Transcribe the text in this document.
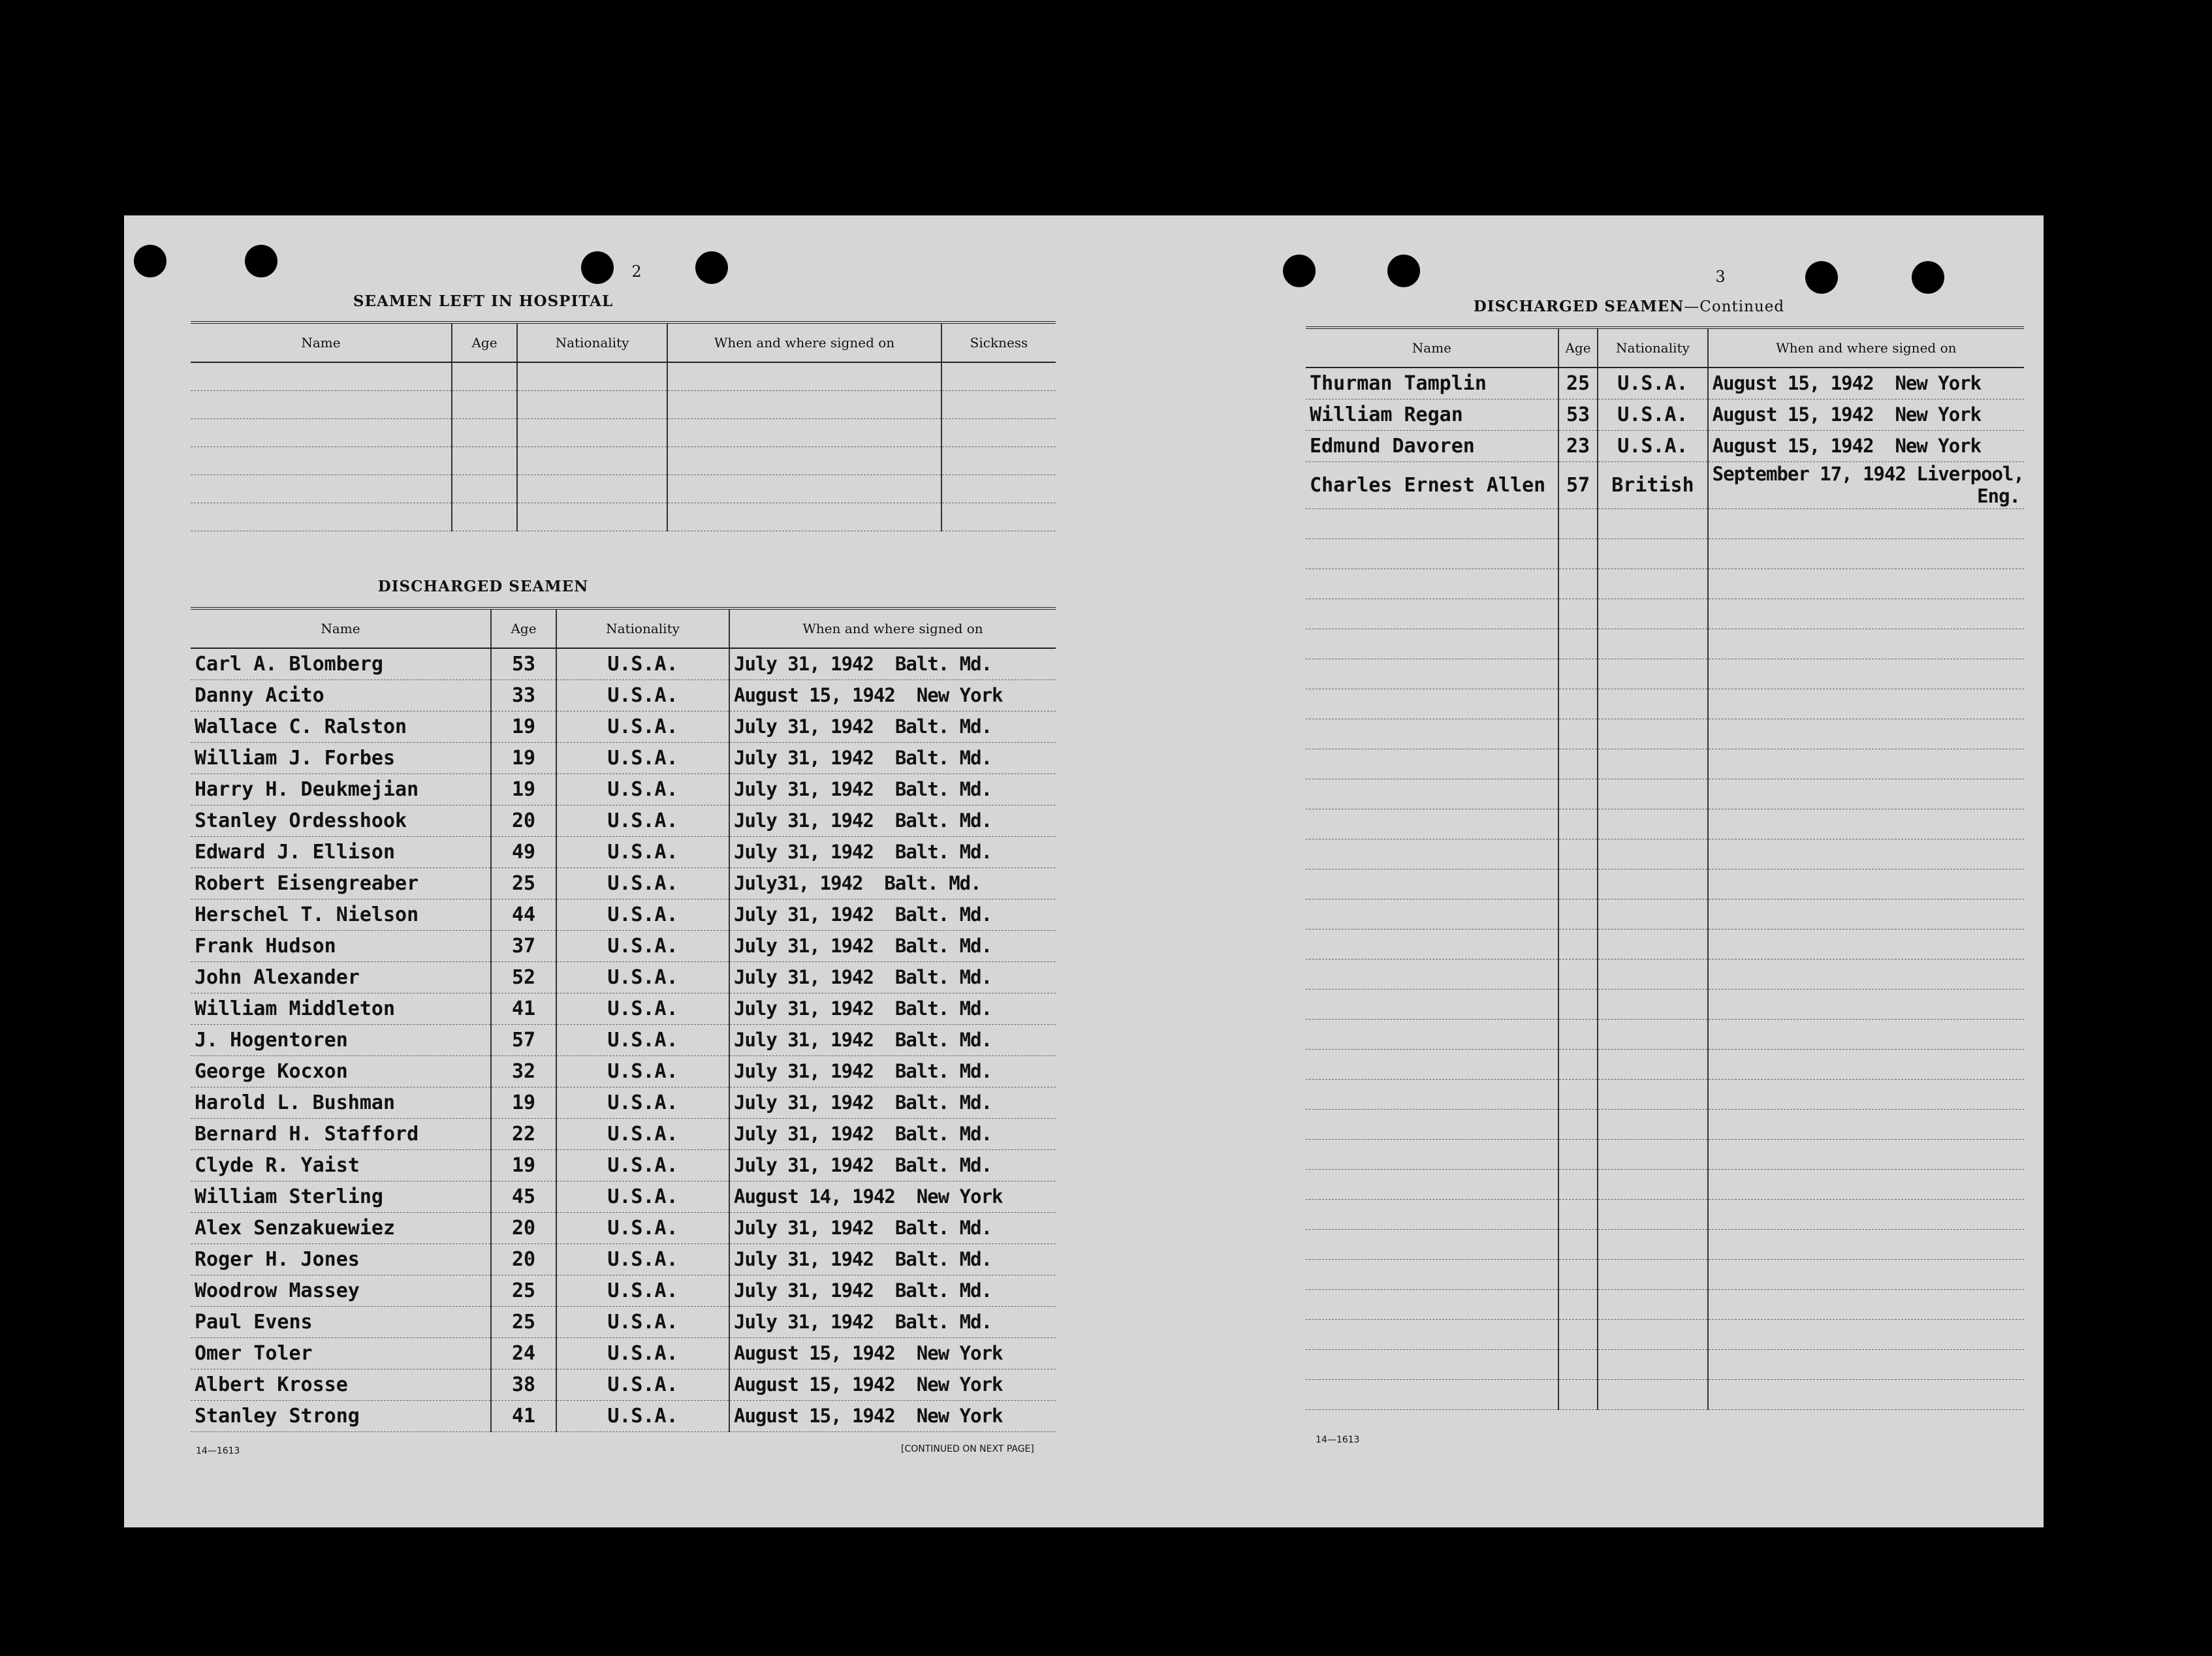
2
SEAMEN LEFT IN HOSPITAL
Name	Age	Nationality	When and where signed on	Sickness

DISCHARGED SEAMEN
Name	Age	Nationality	When and where signed on
Carl A. Blomberg	53	U.S.A.	July 31, 1942  Balt. Md.
Danny Acito	33	U.S.A.	August 15, 1942  New York
Wallace C. Ralston	19	U.S.A.	July 31, 1942  Balt. Md.
William J. Forbes	19	U.S.A.	July 31, 1942  Balt. Md.
Harry H. Deukmejian	19	U.S.A.	July 31, 1942  Balt. Md.
Stanley Ordesshook	20	U.S.A.	July 31, 1942  Balt. Md.
Edward J. Ellison	49	U.S.A.	July 31, 1942  Balt. Md.
Robert Eisengreaber	25	U.S.A.	July31, 1942  Balt. Md.
Herschel T. Nielson	44	U.S.A.	July 31, 1942  Balt. Md.
Frank Hudson	37	U.S.A.	July 31, 1942  Balt. Md.
John Alexander	52	U.S.A.	July 31, 1942  Balt. Md.
William Middleton	41	U.S.A.	July 31, 1942  Balt. Md.
J. Hogentoren	57	U.S.A.	July 31, 1942  Balt. Md.
George Kocxon	32	U.S.A.	July 31, 1942  Balt. Md.
Harold L. Bushman	19	U.S.A.	July 31, 1942  Balt. Md.
Bernard H. Stafford	22	U.S.A.	July 31, 1942  Balt. Md.
Clyde R. Yaist	19	U.S.A.	July 31, 1942  Balt. Md.
William Sterling	45	U.S.A.	August 14, 1942  New York
Alex Senzakuewiez	20	U.S.A.	July 31, 1942  Balt. Md.
Roger H. Jones	20	U.S.A.	July 31, 1942  Balt. Md.
Woodrow Massey	25	U.S.A.	July 31, 1942  Balt. Md.
Paul Evens	25	U.S.A.	July 31, 1942  Balt. Md.
Omer Toler	24	U.S.A.	August 15, 1942  New York
Albert Krosse	38	U.S.A.	August 15, 1942  New York
Stanley Strong	41	U.S.A.	August 15, 1942  New York
14—1613	[CONTINUED ON NEXT PAGE]
3
DISCHARGED SEAMEN—Continued
Name	Age	Nationality	When and where signed on
Thurman Tamplin	25	U.S.A.	August 15, 1942  New York

William Regan	53	U.S.A.	August 15, 1942  New York

Edmund Davoren	23	U.S.A.	August 15, 1942  New York

Charles Ernest Allen	57	British	September 17, 1942 Liverpool,
Eng.

14—1613
